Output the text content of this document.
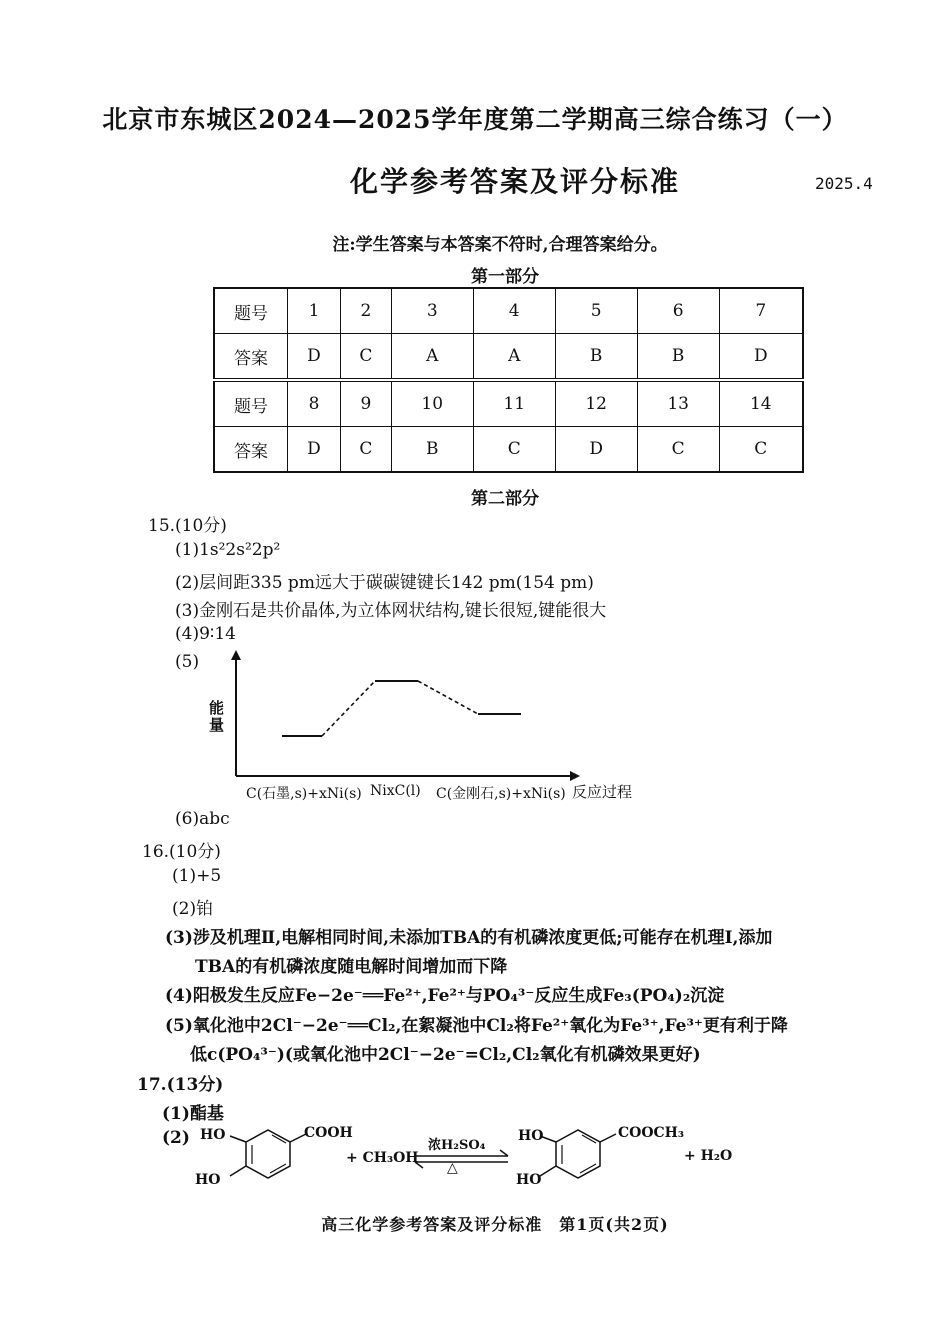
北京市东城区2024—2025学年度第二学期高三综合练习（一）
化学参考答案及评分标准	2025.4
注:学生答案与本答案不符时,合理答案给分。
第一部分
题号	1	2	3	4	5	6	7
答案	D	C	A	A	B	B	D
题号	8	9	10	11	12	13	14
答案	D	C	B	C	D	C	C
第二部分
15.(10分)
(1)1s²2s²2p²
(2)层间距335 pm远大于碳碳键键长142 pm(154 pm)
(3)金刚石是共价晶体,为立体网状结构,键长很短,键能很大
(4)9∶14
(5)
能量
C(石墨,s)+xNi(s) NixC(l) C(金刚石,s)+xNi(s) 反应过程
(6)abc
16.(10分)
(1)+5
(2)铂
(3)涉及机理Ⅱ,电解相同时间,未添加TBA的有机磷浓度更低;可能存在机理Ⅰ,添加
TBA的有机磷浓度随电解时间增加而下降
(4)阳极发生反应Fe−2e⁻══Fe²⁺,Fe²⁺与PO₄³⁻反应生成Fe₃(PO₄)₂沉淀
(5)氧化池中2Cl⁻−2e⁻══Cl₂,在絮凝池中Cl₂将Fe²⁺氧化为Fe³⁺,Fe³⁺更有利于降
低c(PO₄³⁻)(或氧化池中2Cl⁻−2e⁻=Cl₂,Cl₂氧化有机磷效果更好)
17.(13分)
(1)酯基
(2) HO
HO
COOH
+ CH₃OH
浓H₂SO₄
△
HO
HO
COOCH₃
+ H₂O
高三化学参考答案及评分标准　第1页(共2页)
